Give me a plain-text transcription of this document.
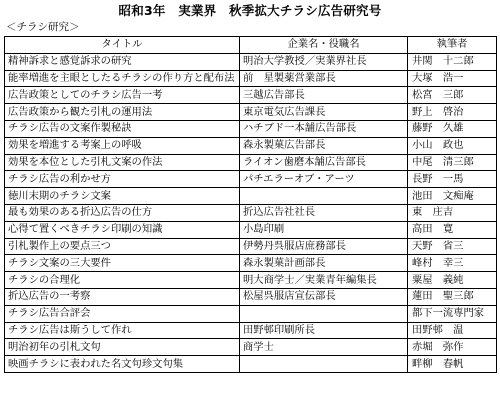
昭和3年　実業界　秋季拡大チラシ広告研究号
＜チラシ研究＞
タイトル	企業名・役職名	執筆者
精神訴求と感覚訴求の研究	明治大学教授／実業界社長	井関　十二郎
能率増進を主眼としたるチラシの作り方と配布法	前　星製薬営業部長	大塚　浩一
広告政策としてのチラシ広告一考	三越広告部長	松宮　三郎
広告政策から観た引札の運用法	東京電気広告課長	野上　啓治
チラシ広告の文案作製秘訣	ハチブド一本舗広告部長	藤野　久雄
効果を増進する考案上の呼吸	森永製菓広告部長	小山　政也
効果を本位とした引札文案の作法	ライオン歯磨本舗広告部長	中尾　清三郎
チラシ広告の利かせ方	パチエラーオブ・アーツ	長野　一馬
徳川末期のチラシ文案		池田　文痴庵
最も効果のある折込広告の仕方	折込広告社社長	東　庄吉
心得て置くべきチラシ印刷の知識	小島印刷	高田　寛
引札製作上の要点三つ	伊勢丹呉服店庶務部長	天野　省三
チラシ文案の三大要件	森永製菓計画部長	峰村　幸三
チラシの合理化	明大商学士／実業青年編集長	粟屋　義純
折込広告の一考察	松屋呉服店宣伝部長	蓮田　聖三郎
チラシ広告合評会		都下一流専門家
チラシ広告は斯うして作れ	田野邨印刷所長	田野邨　温
明治初年の引札文句	商学士	赤堀　弥作
映画チラシに表われた名文句珍文句集		畔柳　春帆
